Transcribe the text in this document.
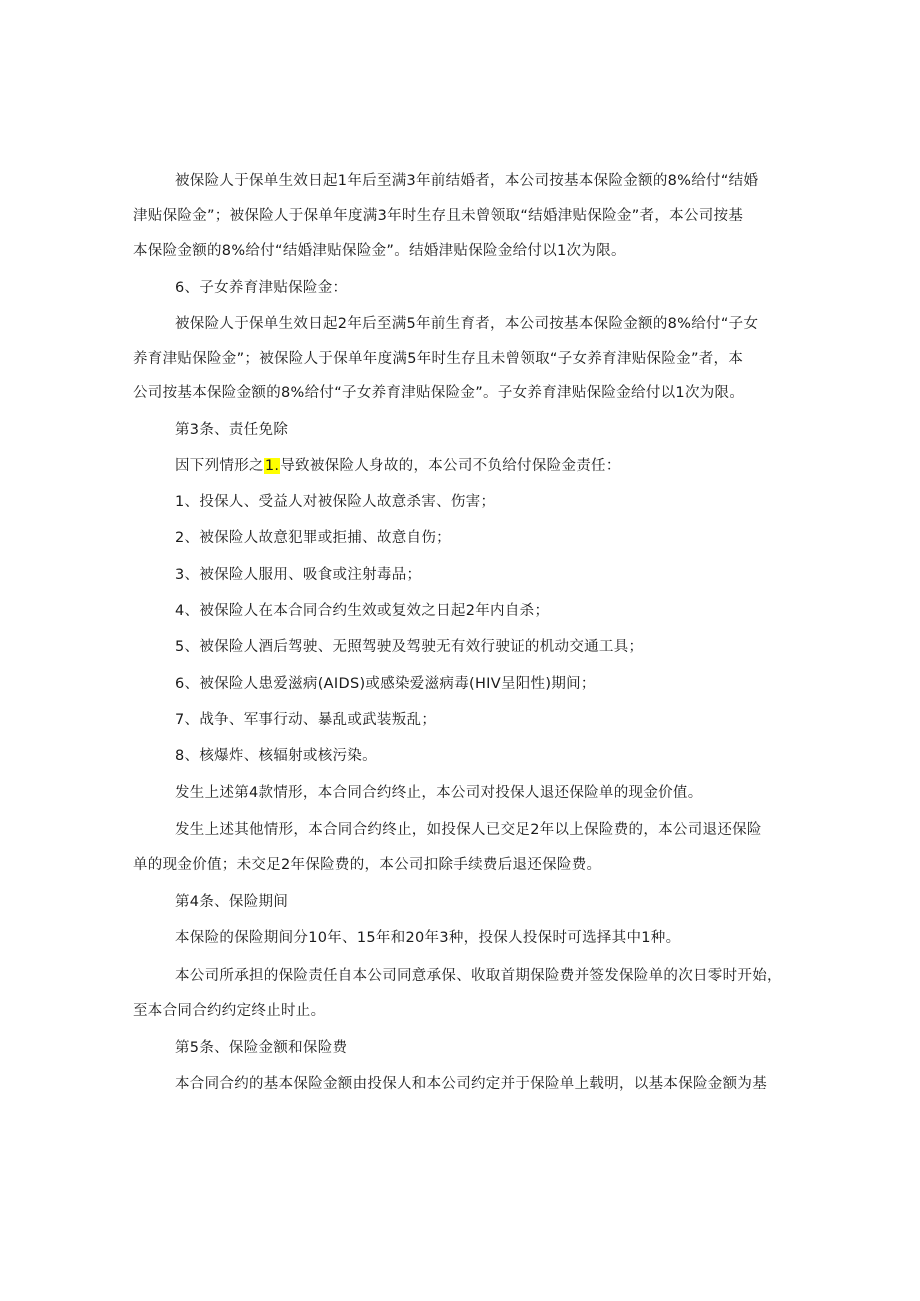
被保险人于保单生效日起1年后至满3年前结婚者，本公司按基本保险金额的8%给付“结婚
津贴保险金”；被保险人于保单年度满3年时生存且未曾领取“结婚津贴保险金”者，本公司按基
本保险金额的8%给付“结婚津贴保险金”。结婚津贴保险金给付以1次为限。
6、子女养育津贴保险金：
被保险人于保单生效日起2年后至满5年前生育者，本公司按基本保险金额的8%给付“子女
养育津贴保险金”；被保险人于保单年度满5年时生存且未曾领取“子女养育津贴保险金”者，本
公司按基本保险金额的8%给付“子女养育津贴保险金”。子女养育津贴保险金给付以1次为限。
第3条、责任免除
因下列情形之1.导致被保险人身故的，本公司不负给付保险金责任：
1、投保人、受益人对被保险人故意杀害、伤害；
2、被保险人故意犯罪或拒捕、故意自伤；
3、被保险人服用、吸食或注射毒品；
4、被保险人在本合同合约生效或复效之日起2年内自杀；
5、被保险人酒后驾驶、无照驾驶及驾驶无有效行驶证的机动交通工具；
6、被保险人患爱滋病(AIDS)或感染爱滋病毒(HIV呈阳性)期间；
7、战争、军事行动、暴乱或武装叛乱；
8、核爆炸、核辐射或核污染。
发生上述第4款情形，本合同合约终止，本公司对投保人退还保险单的现金价值。
发生上述其他情形，本合同合约终止，如投保人已交足2年以上保险费的，本公司退还保险
单的现金价值；未交足2年保险费的，本公司扣除手续费后退还保险费。
第4条、保险期间
本保险的保险期间分10年、15年和20年3种，投保人投保时可选择其中1种。
本公司所承担的保险责任自本公司同意承保、收取首期保险费并签发保险单的次日零时开始，
至本合同合约约定终止时止。
第5条、保险金额和保险费
本合同合约的基本保险金额由投保人和本公司约定并于保险单上载明，以基本保险金额为基
